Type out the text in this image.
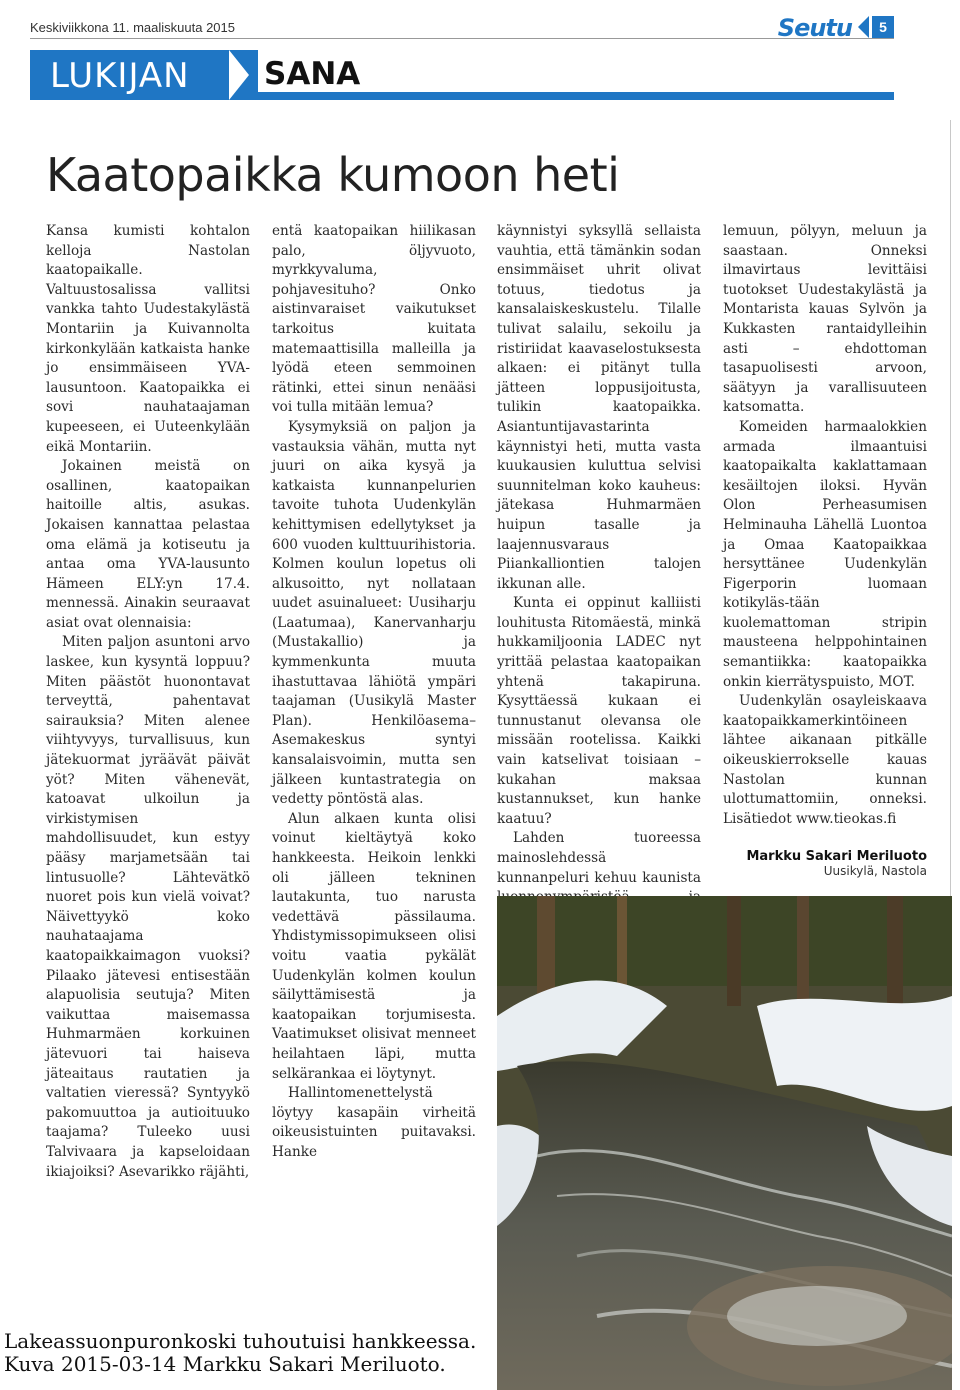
Keskiviikkona 11. maaliskuuta 2015	Seutu	5
LUKIJAN SANA
Kaatopaikka kumoon heti

Kansa kumisti kohtalon kelloja Nastolan kaatopaikalle. Valtuustosalissa vallitsi vankka tahto Uudestakylästä Montariin ja Kuivannolta kirkonkylään katkaista hanke jo ensimmäiseen YVA-lausuntoon. Kaatopaikka ei sovi nauhataajaman kupeeseen, ei Uuteenkylään eikä Montariin.

Jokainen meistä on osallinen, kaatopaikan haitoille altis, asukas. Jokaisen kannattaa pelastaa oma elämä ja kotiseutu ja antaa oma YVA-lausunto Hämeen ELY:yn 17.4. mennessä. Ainakin seuraavat asiat ovat olennaisia:

Miten paljon asuntoni arvo laskee, kun kysyntä loppuu? Miten päästöt huonontavat terveyttä, pahentavat sairauksia? Miten alenee viihtyvyys, turvallisuus, kun jätekuormat jyräävät päivät yöt? Miten vähenevät, katoavat ulkoilun ja virkistymisen mahdollisuudet, kun estyy pääsy marjametsään tai lintusuolle? Lähtevätkö nuoret pois kun vielä voivat? Näivettyykö koko nauhataajama kaatopaikkaimagon vuoksi? Pilaako jätevesi entisestään alapuolisia seutuja? Miten vaikuttaa maisemassa Huhmarmäen korkuinen jätevuori tai haiseva jäteaitaus rautatien ja valtatien vieressä? Syntyykö pakomuuttoa ja autioituuko taajama? Tuleeko uusi Talvivaara ja kapseloidaan ikiajoiksi? Asevarikko räjähti,

entä kaatopaikan hiilikasan palo, öljyvuoto, myrkkyvaluma, pohjavesituho? Onko aistinvaraiset vaikutukset tarkoitus kuitata matemaattisilla malleilla ja lyödä eteen semmoinen rätinki, ettei sinun nenääsi voi tulla mitään lemua?

Kysymyksiä on paljon ja vastauksia vähän, mutta nyt juuri on aika kysyä ja katkaista kunnanpelurien tavoite tuhota Uudenkylän kehittymisen edellytykset ja 600 vuoden kulttuurihistoria. Kolmen koulun lopetus oli alkusoitto, nyt nollataan uudet asuinalueet: Uusiharju (Laatumaa), Kanervanharju (Mustakallio) ja kymmenkunta muuta ihastuttavaa lähiötä ympäri taajaman (Uusikylä Master Plan). Henkilöasema–Asemakeskus syntyi kansalaisvoimin, mutta sen jälkeen kuntastrategia on vedetty pöntöstä alas.

Alun alkaen kunta olisi voinut kieltäytyä koko hankkeesta. Heikoin lenkki oli jälleen tekninen lautakunta, tuo narusta vedettävä pässilauma. Yhdistymissopimukseen olisi voitu vaatia pykälät Uudenkylän kolmen koulun säilyttämisestä ja kaatopaikan torjumisesta. Vaatimukset olisivat menneet heilahtaen läpi, mutta selkärankaa ei löytynyt.

Hallintomenettelystä löytyy kasapäin virheitä oikeusistuinten puitavaksi. Hanke

käynnistyi syksyllä sellaista vauhtia, että tämänkin sodan ensimmäiset uhrit olivat totuus, tiedotus ja kansalaiskeskustelu. Tilalle tulivat salailu, sekoilu ja ristiriidat kaavaselostuksesta alkaen: ei pitänyt tulla jätteen loppusijoitusta, tulikin kaatopaikka. Asiantuntijavastarinta käynnistyi heti, mutta vasta kuukausien kuluttua selvisi suunnitelman koko kauheus: jätekasa Huhmarmäen huipun tasalle ja laajennusvaraus Piiankalliontien talojen ikkunan alle.

Kunta ei oppinut kalliisti louhitusta Ritomäestä, minkä hukkamiljoonia LADEC nyt yrittää pelastaa kaatopaikan yhtenä takapiruna. Kysyttäessä kukaan ei tunnustanut olevansa ole missään rootelissa. Kaikki vain katselivat toisiaan – kukahan maksaa kustannukset, kun hanke kaatuu?

Lahden tuoreessa mainoslehdessä kunnanpeluri kehuu kaunista

lemuun, pölyyn, meluun ja saastaan. Onneksi ilmavirtaus levittäisi tuotokset Uudestakylästä ja Montarista kauas Sylvön ja Kukkasten rantaidylleihin asti – ehdottoman tasapuolisesti arvoon, säätyyn ja varallisuuteen katsomatta.

Komeiden harmaalokkien armada ilmaantuisi kaatopaikalta kaklattamaan kesäiltojen iloksi. Hyvän Olon Perheasumisen Helminauha Lähellä Luontoa ja Omaa Kaatopaikkaa hersyttänee Uudenkylän Figerporin luomaan kotikyläs-tään kuolemattoman stripin mausteena helppohintainen semantiikka: kaatopaikka onkin kierrätyspuisto, MOT.

Uudenkylän osayleiskaava kaatopaikkamerkintöineen lähtee aikanaan pitkälle oikeuskierrokselle kauas Nastolan kunnan ulottumattomiin, onneksi. Lisätiedot www.tieokas.fi

Markku Sakari Meriluoto
Uusikylä, Nastola
Lakeassuonpuronkoski tuhoutuisi hankkeessa.
Kuva 2015-03-14 Markku Sakari Meriluoto.
